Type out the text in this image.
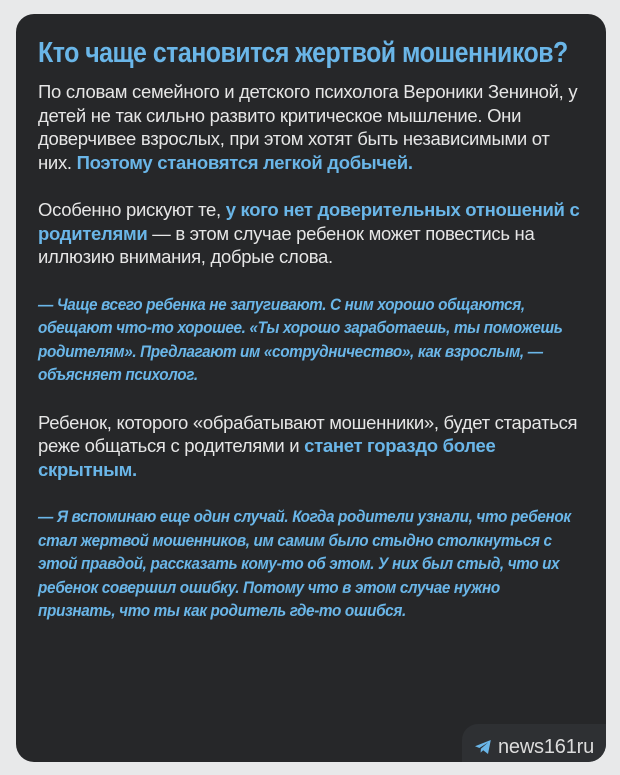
Кто чаще становится жертвой мошенников?

По словам семейного и детского психолога Вероники Зениной, у детей не так сильно развито критическое мышление. Они доверчивее взрослых, при этом хотят быть независимыми от них. Поэтому становятся легкой добычей.

Особенно рискуют те, у кого нет доверительных отношений с родителями — в этом случае ребенок может повестись на иллюзию внимания, добрые слова.

— Чаще всего ребенка не запугивают. С ним хорошо общаются, обещают что-то хорошее. «Ты хорошо заработаешь, ты поможешь родителям». Предлагают им «сотрудничество», как взрослым, — объясняет психолог.

Ребенок, которого «обрабатывают мошенники», будет стараться реже общаться с родителями и станет гораздо более скрытным.

— Я вспоминаю еще один случай. Когда родители узнали, что ребенок стал жертвой мошенников, им самим было стыдно столкнуться с этой правдой, рассказать кому-то об этом. У них был стыд, что их ребенок совершил ошибку. Потому что в этом случае нужно признать, что ты как родитель где-то ошибся.

news161ru
